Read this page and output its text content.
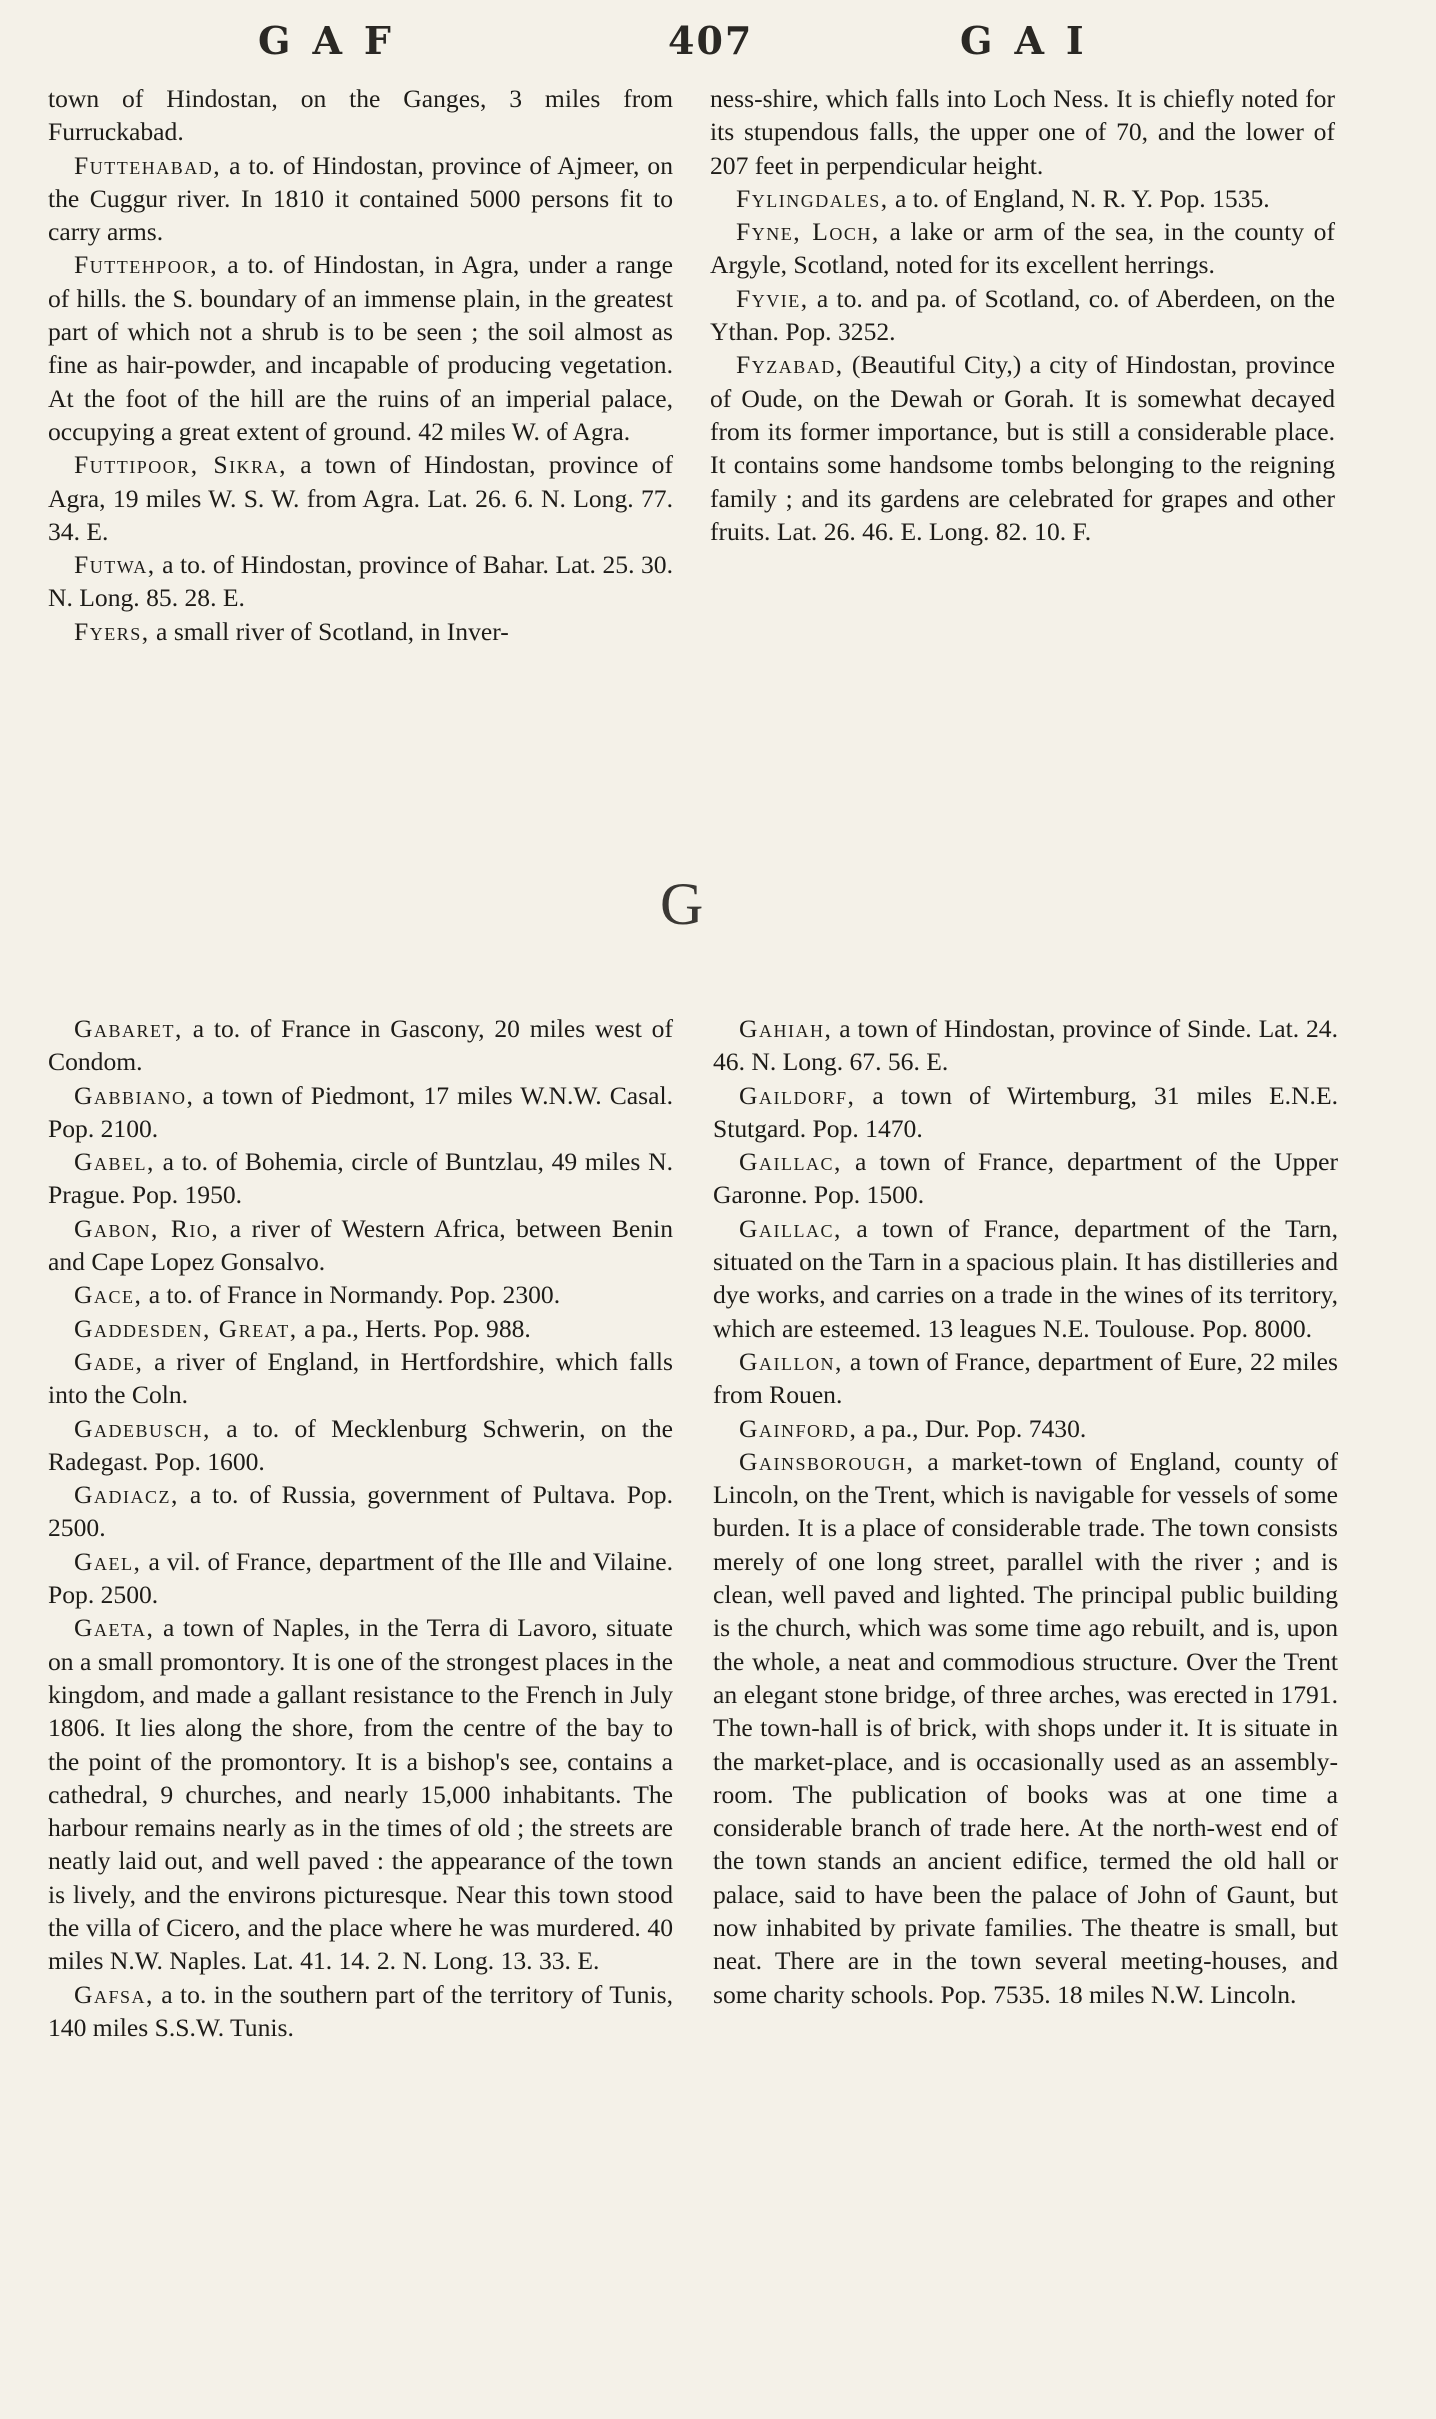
GAF	407	GAI

town of Hindostan, on the Ganges, 3 miles from Furruckabad.

Futtehabad, a to. of Hindostan, province of Ajmeer, on the Cuggur river. In 1810 it contained 5000 persons fit to carry arms.

Futtehpoor, a to. of Hindostan, in Agra, under a range of hills. the S. boundary of an immense plain, in the greatest part of which not a shrub is to be seen ; the soil almost as fine as hair-powder, and incapable of producing vegetation. At the foot of the hill are the ruins of an imperial palace, occupying a great extent of ground. 42 miles W. of Agra.

Futtipoor, Sikra, a town of Hindostan, province of Agra, 19 miles W. S. W. from Agra. Lat. 26. 6. N. Long. 77. 34. E.

Futwa, a to. of Hindostan, province of Bahar. Lat. 25. 30. N. Long. 85. 28. E.

Fyers, a small river of Scotland, in Inver-

ness-shire, which falls into Loch Ness. It is chiefly noted for its stupendous falls, the upper one of 70, and the lower of 207 feet in perpendicular height.

Fylingdales, a to. of England, N. R. Y. Pop. 1535.

Fyne, Loch, a lake or arm of the sea, in the county of Argyle, Scotland, noted for its excellent herrings.

Fyvie, a to. and pa. of Scotland, co. of Aberdeen, on the Ythan. Pop. 3252.

Fyzabad, (Beautiful City,) a city of Hindostan, province of Oude, on the Dewah or Gorah. It is somewhat decayed from its former importance, but is still a considerable place. It contains some handsome tombs belonging to the reigning family ; and its gardens are celebrated for grapes and other fruits. Lat. 26. 46. E. Long. 82. 10. F.

G

Gabaret, a to. of France in Gascony, 20 miles west of Condom.

Gabbiano, a town of Piedmont, 17 miles W.N.W. Casal. Pop. 2100.

Gabel, a to. of Bohemia, circle of Buntzlau, 49 miles N. Prague. Pop. 1950.

Gabon, Rio, a river of Western Africa, between Benin and Cape Lopez Gonsalvo.

Gace, a to. of France in Normandy. Pop. 2300.

Gaddesden, Great, a pa., Herts. Pop. 988.

Gade, a river of England, in Hertfordshire, which falls into the Coln.

Gadebusch, a to. of Mecklenburg Schwerin, on the Radegast. Pop. 1600.

Gadiacz, a to. of Russia, government of Pultava. Pop. 2500.

Gael, a vil. of France, department of the Ille and Vilaine. Pop. 2500.

Gaeta, a town of Naples, in the Terra di Lavoro, situate on a small promontory. It is one of the strongest places in the kingdom, and made a gallant resistance to the French in July 1806. It lies along the shore, from the centre of the bay to the point of the promontory. It is a bishop's see, contains a cathedral, 9 churches, and nearly 15,000 inhabitants. The harbour remains nearly as in the times of old ; the streets are neatly laid out, and well paved : the appearance of the town is lively, and the environs picturesque. Near this town stood the villa of Cicero, and the place where he was murdered. 40 miles N.W. Naples. Lat. 41. 14. 2. N. Long. 13. 33. E.

Gafsa, a to. in the southern part of the territory of Tunis, 140 miles S.S.W. Tunis.

Gahiah, a town of Hindostan, province of Sinde. Lat. 24. 46. N. Long. 67. 56. E.

Gaildorf, a town of Wirtemburg, 31 miles E.N.E. Stutgard. Pop. 1470.

Gaillac, a town of France, department of the Upper Garonne. Pop. 1500.

Gaillac, a town of France, department of the Tarn, situated on the Tarn in a spacious plain. It has distilleries and dye works, and carries on a trade in the wines of its territory, which are esteemed. 13 leagues N.E. Toulouse. Pop. 8000.

Gaillon, a town of France, department of Eure, 22 miles from Rouen.

Gainford, a pa., Dur. Pop. 7430.

Gainsborough, a market-town of England, county of Lincoln, on the Trent, which is navigable for vessels of some burden. It is a place of considerable trade. The town consists merely of one long street, parallel with the river ; and is clean, well paved and lighted. The principal public building is the church, which was some time ago rebuilt, and is, upon the whole, a neat and commodious structure. Over the Trent an elegant stone bridge, of three arches, was erected in 1791. The town-hall is of brick, with shops under it. It is situate in the market-place, and is occasionally used as an assembly-room. The publication of books was at one time a considerable branch of trade here. At the north-west end of the town stands an ancient edifice, termed the old hall or palace, said to have been the palace of John of Gaunt, but now inhabited by private families. The theatre is small, but neat. There are in the town several meeting-houses, and some charity schools. Pop. 7535. 18 miles N.W. Lincoln.
